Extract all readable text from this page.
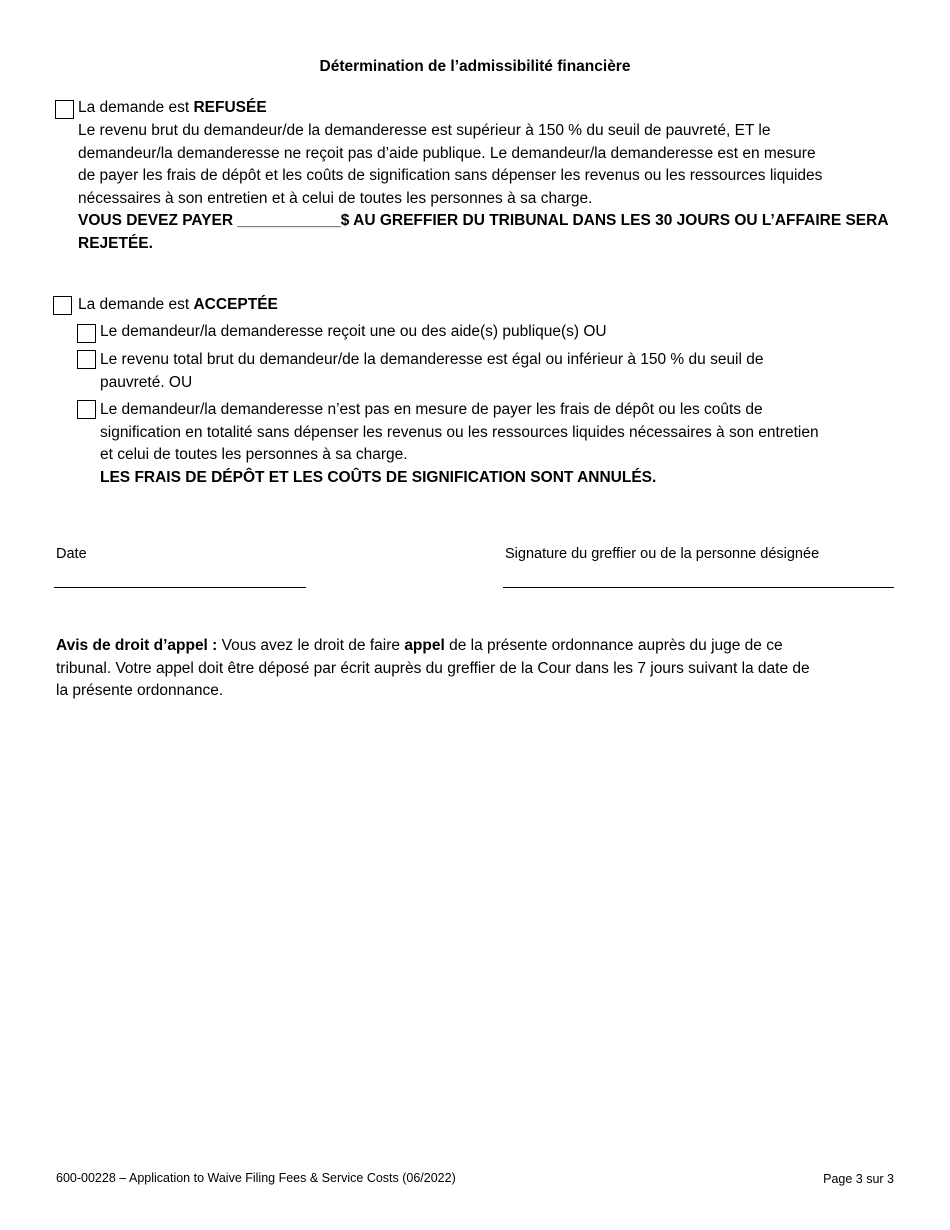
Détermination de l’admissibilité financière
La demande est REFUSÉE
Le revenu brut du demandeur/de la demanderesse est supérieur à 150 % du seuil de pauvreté, ET le
demandeur/la demanderesse ne reçoit pas d’aide publique. Le demandeur/la demanderesse est en mesure
de payer les frais de dépôt et les coûts de signification sans dépenser les revenus ou les ressources liquides
nécessaires à son entretien et à celui de toutes les personnes à sa charge.
VOUS DEVEZ PAYER ____________$ AU GREFFIER DU TRIBUNAL DANS LES 30 JOURS OU L’AFFAIRE SERA
REJETÉE.
La demande est ACCEPTÉE
Le demandeur/la demanderesse reçoit une ou des aide(s) publique(s) OU
Le revenu total brut du demandeur/de la demanderesse est égal ou inférieur à 150 % du seuil de
pauvreté. OU
Le demandeur/la demanderesse n’est pas en mesure de payer les frais de dépôt ou les coûts de
signification en totalité sans dépenser les revenus ou les ressources liquides nécessaires à son entretien
et celui de toutes les personnes à sa charge.
LES FRAIS DE DÉPÔT ET LES COÛTS DE SIGNIFICATION SONT ANNULÉS.
Date	Signature du greffier ou de la personne désignée
Avis de droit d’appel : Vous avez le droit de faire appel de la présente ordonnance auprès du juge de ce
tribunal. Votre appel doit être déposé par écrit auprès du greffier de la Cour dans les 7 jours suivant la date de
la présente ordonnance.
600-00228 – Application to Waive Filing Fees & Service Costs (06/2022)	Page 3 sur 3
